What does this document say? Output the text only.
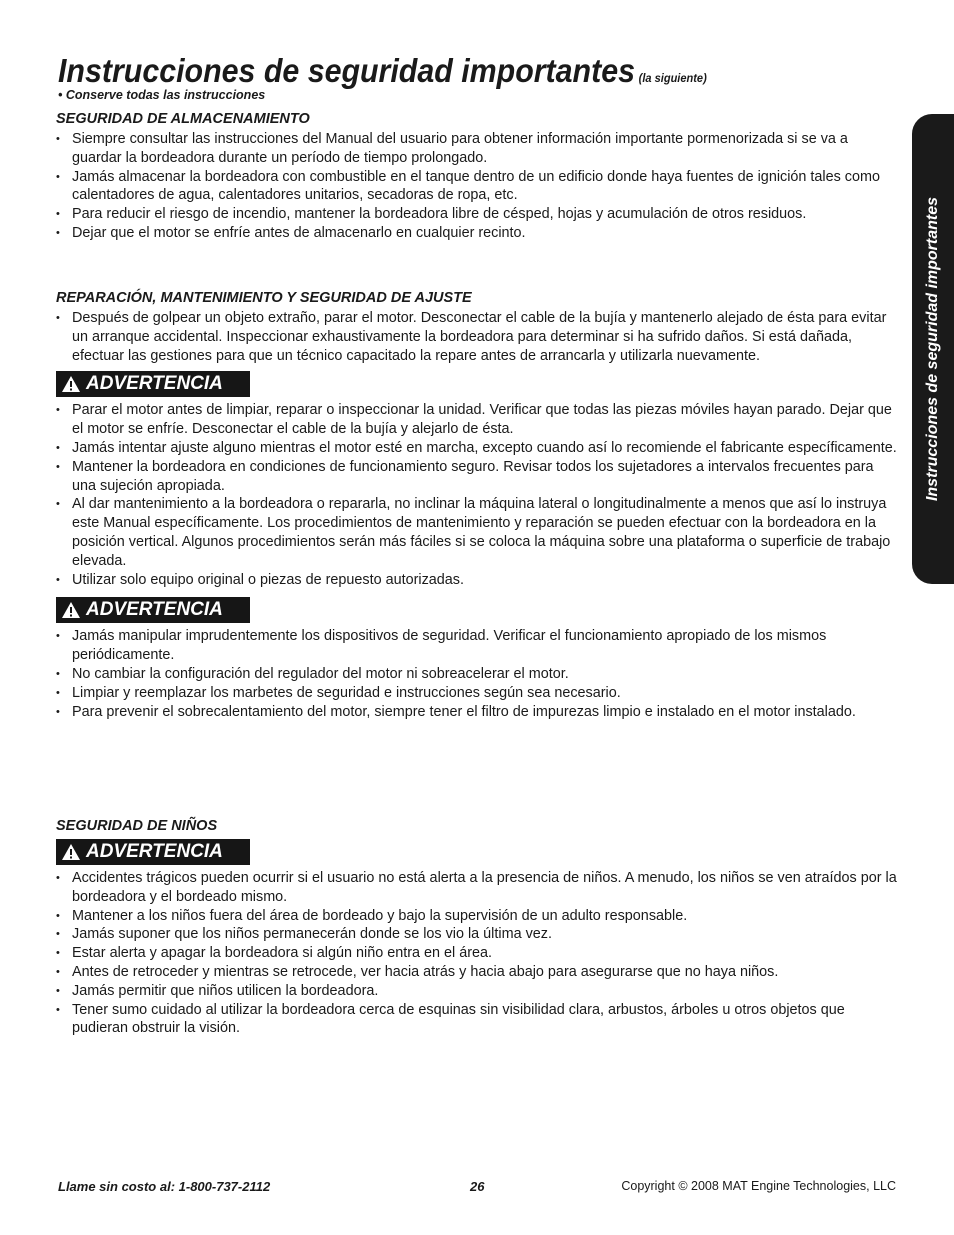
Instrucciones de seguridad importantes (la siguiente)
• Conserve todas las instrucciones
Instrucciones de seguridad importantes
SEGURIDAD DE ALMACENAMIENTO
• Siempre consultar las instrucciones del Manual del usuario para obtener información importante pormenorizada si se va a guardar la bordeadora durante un período de tiempo prolongado.
• Jamás almacenar la bordeadora con combustible en el tanque dentro de un edificio donde haya fuentes de ignición tales como calentadores de agua, calentadores unitarios, secadoras de ropa, etc.
• Para reducir el riesgo de incendio, mantener la bordeadora libre de césped, hojas y acumulación de otros residuos.
• Dejar que el motor se enfríe antes de almacenarlo en cualquier recinto.
REPARACIÓN, MANTENIMIENTO Y SEGURIDAD DE AJUSTE
• Después de golpear un objeto extraño, parar el motor. Desconectar el cable de la bujía y mantenerlo alejado de ésta para evitar un arranque accidental. Inspeccionar exhaustivamente la bordeadora para determinar si ha sufrido daños. Si está dañada, efectuar las gestiones para que un técnico capacitado la repare antes de arrancarla y utilizarla nuevamente.
ADVERTENCIA
• Parar el motor antes de limpiar, reparar o inspeccionar la unidad. Verificar que todas las piezas móviles hayan parado. Dejar que el motor se enfríe. Desconectar el cable de la bujía y alejarlo de ésta.
• Jamás intentar ajuste alguno mientras el motor esté en marcha, excepto cuando así lo recomiende el fabricante específicamente.
• Mantener la bordeadora en condiciones de funcionamiento seguro. Revisar todos los sujetadores a intervalos frecuentes para una sujeción apropiada.
• Al dar mantenimiento a la bordeadora o repararla, no inclinar la máquina lateral o longitudinalmente a menos que así lo instruya este Manual específicamente. Los procedimientos de mantenimiento y reparación se pueden efectuar con la bordeadora en la posición vertical. Algunos procedimientos serán más fáciles si se coloca la máquina sobre una plataforma o superficie de trabajo elevada.
• Utilizar solo equipo original o piezas de repuesto autorizadas.
ADVERTENCIA
• Jamás manipular imprudentemente los dispositivos de seguridad. Verificar el funcionamiento apropiado de los mismos periódicamente.
• No cambiar la configuración del regulador del motor ni sobreacelerar el motor.
• Limpiar y reemplazar los marbetes de seguridad e instrucciones según sea necesario.
• Para prevenir el sobrecalentamiento del motor, siempre tener el filtro de impurezas limpio e instalado en el motor instalado.
SEGURIDAD DE NIÑOS
ADVERTENCIA
• Accidentes trágicos pueden ocurrir si el usuario no está alerta a la presencia de niños. A menudo, los niños se ven atraídos por la bordeadora y el bordeado mismo.
• Mantener a los niños fuera del área de bordeado y bajo la supervisión de un adulto responsable.
• Jamás suponer que los niños permanecerán donde se los vio la última vez.
• Estar alerta y apagar la bordeadora si algún niño entra en el área.
• Antes de retroceder y mientras se retrocede, ver hacia atrás y hacia abajo para asegurarse que no haya niños.
• Jamás permitir que niños utilicen la bordeadora.
• Tener sumo cuidado al utilizar la bordeadora cerca de esquinas sin visibilidad clara, arbustos, árboles u otros objetos que pudieran obstruir la visión.
Llame sin costo al: 1-800-737-2112	26	Copyright © 2008 MAT Engine Technologies, LLC
